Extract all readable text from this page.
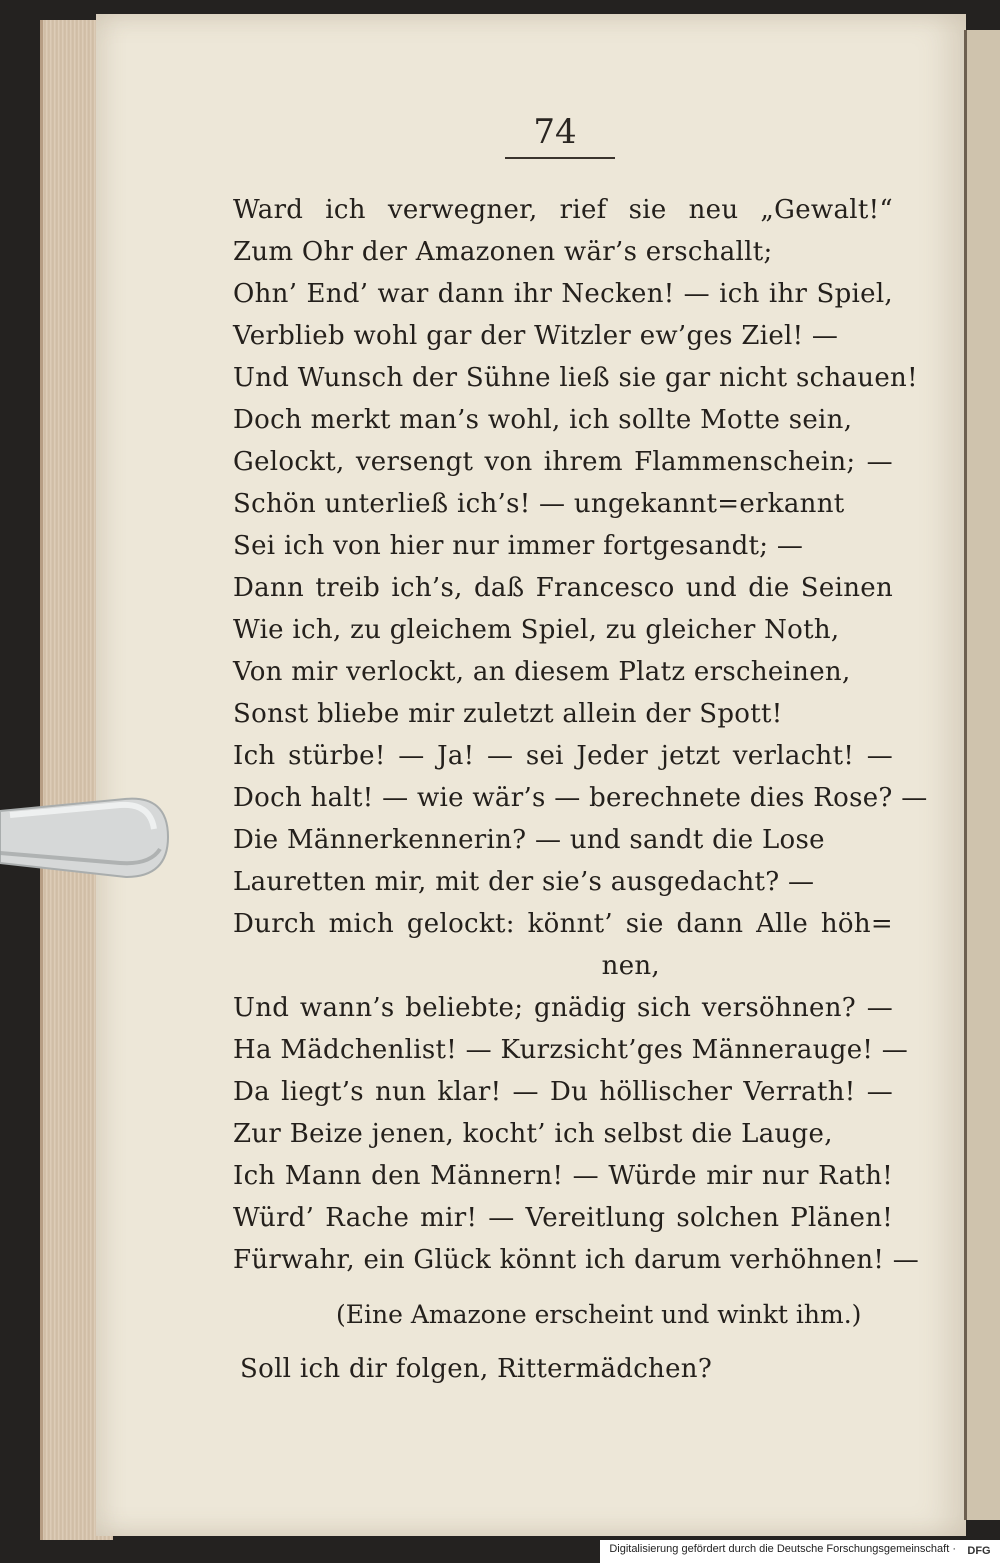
74
Ward ich verwegner, rief sie neu „Gewalt!“
Zum Ohr der Amazonen wär’s erschallt;
Ohn’ End’ war dann ihr Necken! — ich ihr Spiel,
Verblieb wohl gar der Witzler ew’ges Ziel! —
Und Wunsch der Sühne ließ sie gar nicht schauen!
Doch merkt man’s wohl, ich sollte Motte sein,
Gelockt, versengt von ihrem Flammenschein; —
Schön unterließ ich’s! — ungekannt=erkannt
Sei ich von hier nur immer fortgesandt; —
Dann treib ich’s, daß Francesco und die Seinen
Wie ich, zu gleichem Spiel, zu gleicher Noth,
Von mir verlockt, an diesem Platz erscheinen,
Sonst bliebe mir zuletzt allein der Spott!
Ich stürbe! — Ja! — sei Jeder jetzt verlacht! —
Doch halt! — wie wär’s — berechnete dies Rose? —
Die Männerkennerin? — und sandt die Lose
Lauretten mir, mit der sie’s ausgedacht? —
Durch mich gelockt: könnt’ sie dann Alle höh=
nen,
Und wann’s beliebte; gnädig sich versöhnen? —
Ha Mädchenlist! — Kurzsicht’ges Männerauge! —
Da liegt’s nun klar! — Du höllischer Verrath! —
Zur Beize jenen, kocht’ ich selbst die Lauge,
Ich Mann den Männern! — Würde mir nur Rath!
Würd’ Rache mir! — Vereitlung solchen Plänen!
Fürwahr, ein Glück könnt ich darum verhöhnen! —
(Eine Amazone erscheint und winkt ihm.)
Soll ich dir folgen, Rittermädchen?
Digitalisierung gefördert durch die Deutsche Forschungsgemeinschaft · DFG
